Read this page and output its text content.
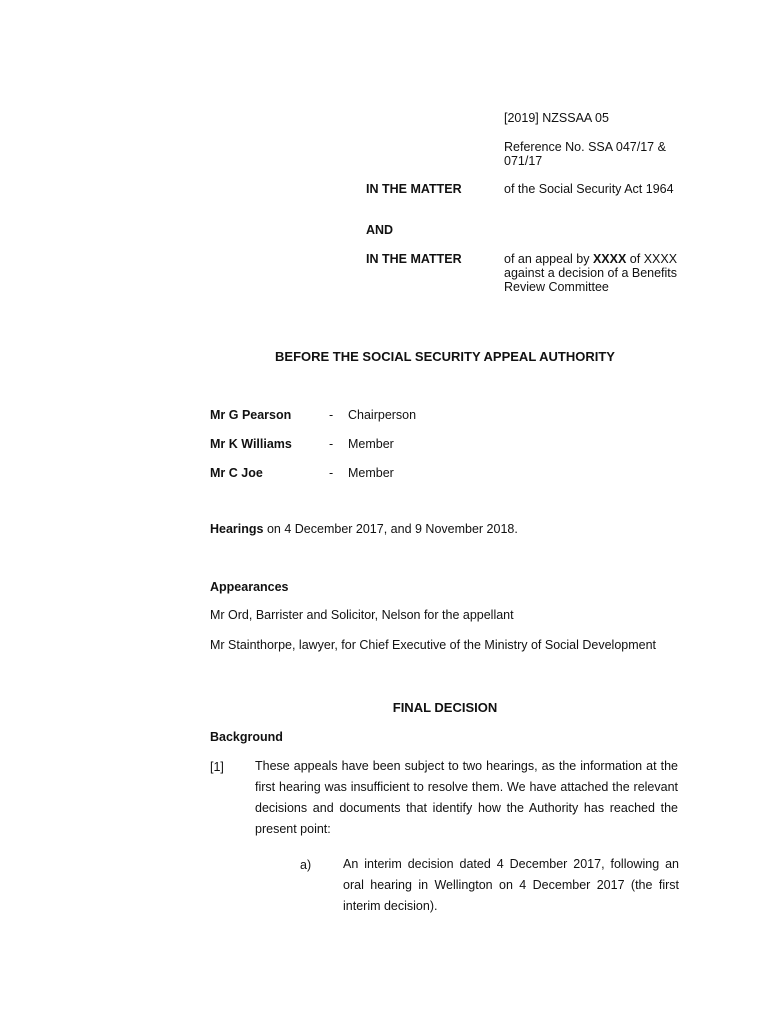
[2019] NZSSAA 05
Reference No. SSA 047/17 & 071/17
IN THE MATTER	of the Social Security Act 1964
AND
IN THE MATTER	of an appeal by XXXX of XXXX against a decision of a Benefits Review Committee
BEFORE THE SOCIAL SECURITY APPEAL AUTHORITY
Mr G Pearson	- Chairperson
Mr K Williams	- Member
Mr C Joe	- Member
Hearings on 4 December 2017, and 9 November 2018.
Appearances
Mr Ord, Barrister and Solicitor, Nelson for the appellant
Mr Stainthorpe, lawyer, for Chief Executive of the Ministry of Social Development
FINAL DECISION
Background
[1] These appeals have been subject to two hearings, as the information at the first hearing was insufficient to resolve them. We have attached the relevant decisions and documents that identify how the Authority has reached the present point:
a)	An interim decision dated 4 December 2017, following an oral hearing in Wellington on 4 December 2017 (the first interim decision).
